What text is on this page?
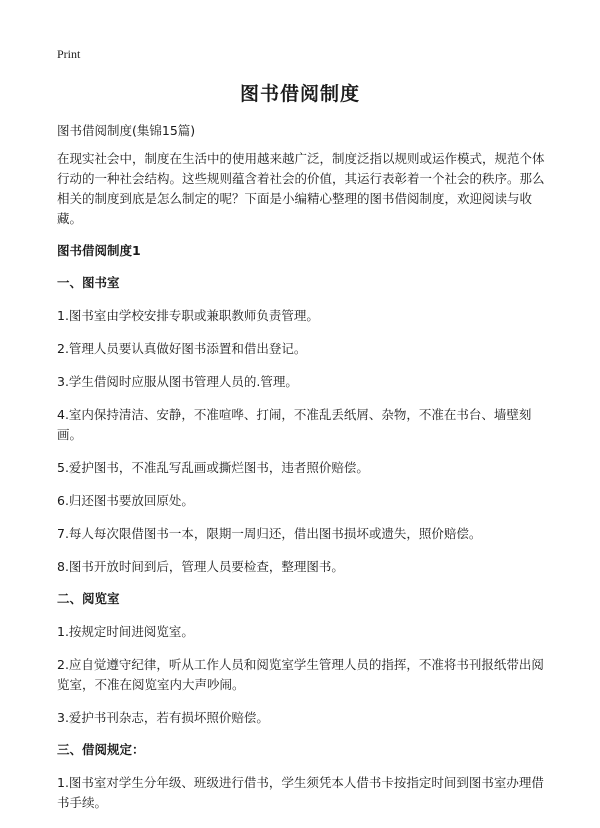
Print
图书借阅制度

图书借阅制度(集锦15篇)

在现实社会中，制度在生活中的使用越来越广泛，制度泛指以规则或运作模式，规范个体行动的一种社会结构。这些规则蕴含着社会的价值，其运行表彰着一个社会的秩序。那么相关的制度到底是怎么制定的呢？下面是小编精心整理的图书借阅制度，欢迎阅读与收藏。

图书借阅制度1

一、图书室

1.图书室由学校安排专职或兼职教师负责管理。

2.管理人员要认真做好图书添置和借出登记。

3.学生借阅时应服从图书管理人员的.管理。

4.室内保持清洁、安静，不准喧哗、打闹，不准乱丢纸屑、杂物，不准在书台、墙壁刻画。

5.爱护图书，不准乱写乱画或撕烂图书，违者照价赔偿。

6.归还图书要放回原处。

7.每人每次限借图书一本，限期一周归还，借出图书损坏或遗失，照价赔偿。

8.图书开放时间到后，管理人员要检查，整理图书。

二、阅览室

1.按规定时间进阅览室。

2.应自觉遵守纪律，听从工作人员和阅览室学生管理人员的指挥，不准将书刊报纸带出阅览室，不准在阅览室内大声吵闹。

3.爱护书刊杂志，若有损坏照价赔偿。

三、借阅规定：

1.图书室对学生分年级、班级进行借书，学生须凭本人借书卡按指定时间到图书室办理借书手续。
